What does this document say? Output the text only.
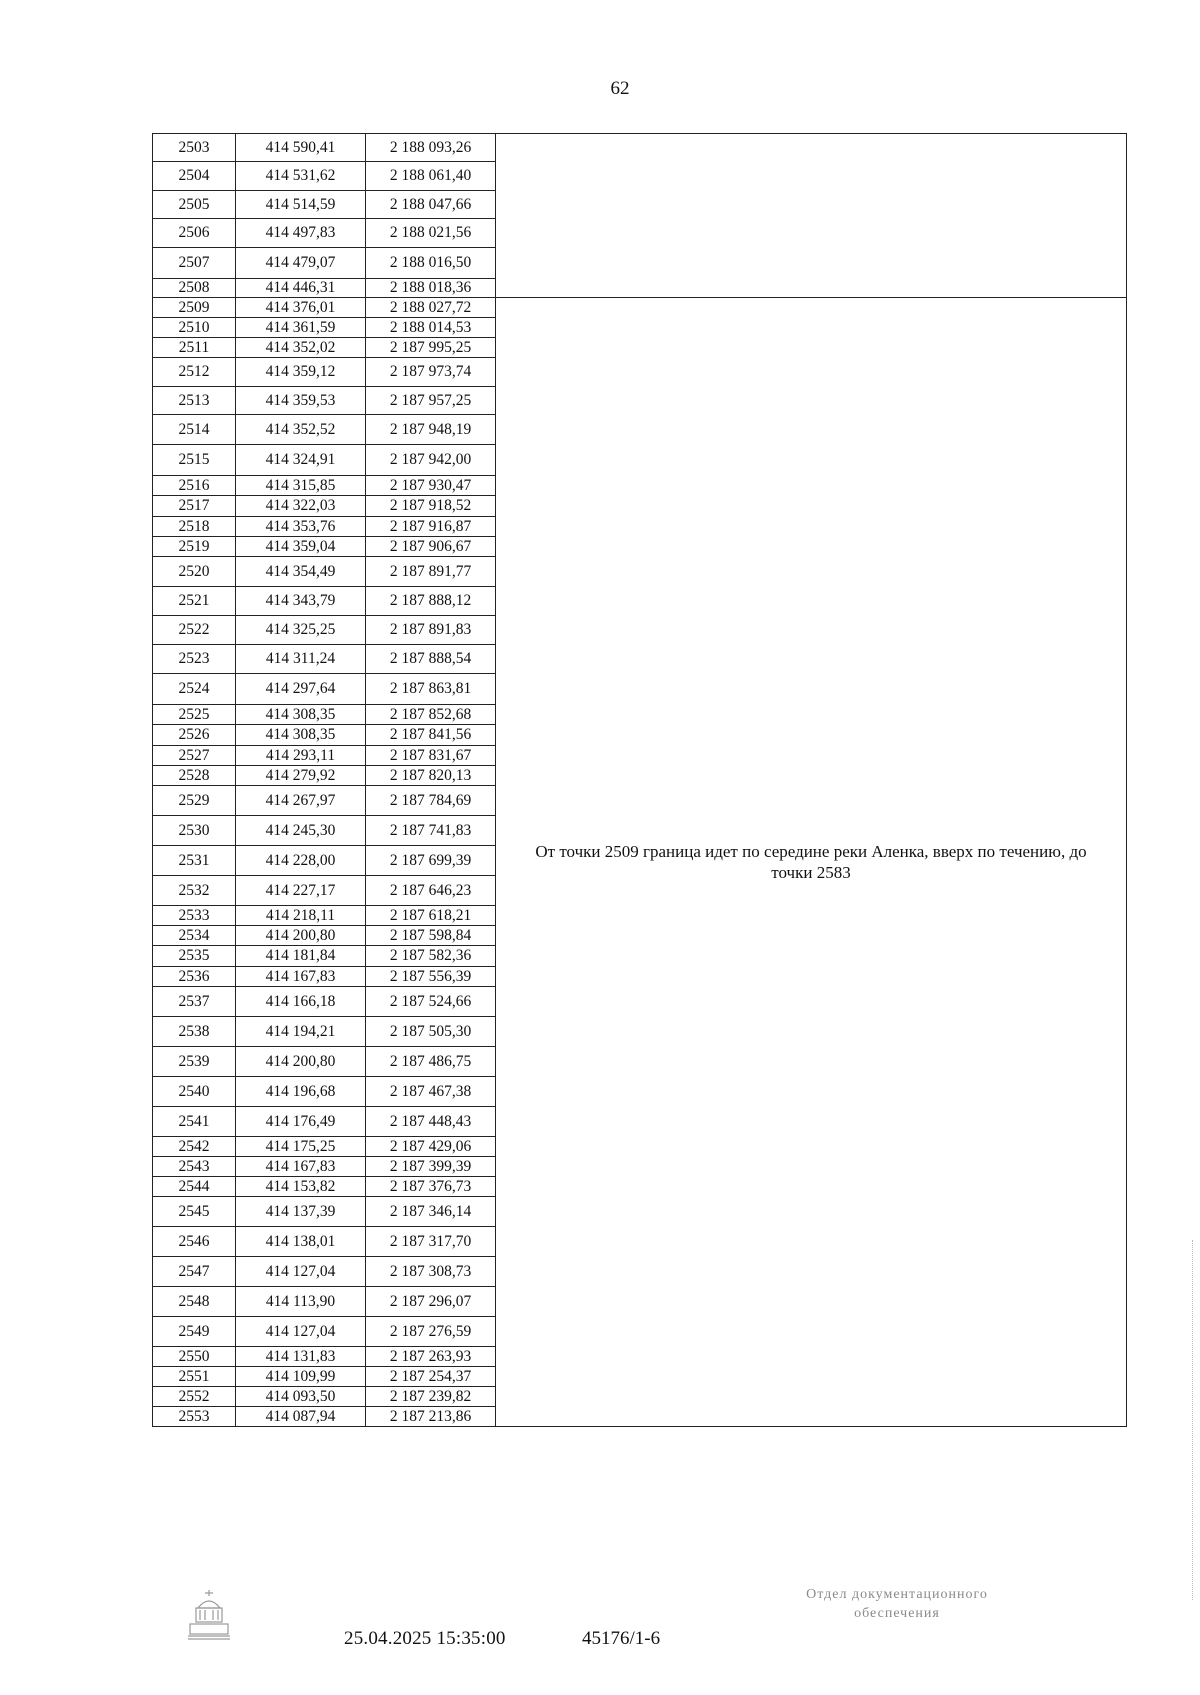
62
2503	414 590,41	2 188 093,26	
2504	414 531,62	2 188 061,40	
2505	414 514,59	2 188 047,66	
2506	414 497,83	2 188 021,56	
2507	414 479,07	2 188 016,50	
2508	414 446,31	2 188 018,36	
2509	414 376,01	2 188 027,72	От точки 2509 граница идет по середине реки Аленка, вверх по течению, до точки 2583
2510	414 361,59	2 188 014,53	
2511	414 352,02	2 187 995,25	
2512	414 359,12	2 187 973,74	
2513	414 359,53	2 187 957,25	
2514	414 352,52	2 187 948,19	
2515	414 324,91	2 187 942,00	
2516	414 315,85	2 187 930,47	
2517	414 322,03	2 187 918,52	
2518	414 353,76	2 187 916,87	
2519	414 359,04	2 187 906,67	
2520	414 354,49	2 187 891,77	
2521	414 343,79	2 187 888,12	
2522	414 325,25	2 187 891,83	
2523	414 311,24	2 187 888,54	
2524	414 297,64	2 187 863,81	
2525	414 308,35	2 187 852,68	
2526	414 308,35	2 187 841,56	
2527	414 293,11	2 187 831,67	
2528	414 279,92	2 187 820,13	
2529	414 267,97	2 187 784,69	
2530	414 245,30	2 187 741,83	
2531	414 228,00	2 187 699,39	
2532	414 227,17	2 187 646,23	
2533	414 218,11	2 187 618,21	
2534	414 200,80	2 187 598,84	
2535	414 181,84	2 187 582,36	
2536	414 167,83	2 187 556,39	
2537	414 166,18	2 187 524,66	
2538	414 194,21	2 187 505,30	
2539	414 200,80	2 187 486,75	
2540	414 196,68	2 187 467,38	
2541	414 176,49	2 187 448,43	
2542	414 175,25	2 187 429,06	
2543	414 167,83	2 187 399,39	
2544	414 153,82	2 187 376,73	
2545	414 137,39	2 187 346,14	
2546	414 138,01	2 187 317,70	
2547	414 127,04	2 187 308,73	
2548	414 113,90	2 187 296,07	
2549	414 127,04	2 187 276,59	
2550	414 131,83	2 187 263,93	
2551	414 109,99	2 187 254,37	
2552	414 093,50	2 187 239,82	
2553	414 087,94	2 187 213,86	
25.04.2025 15:35:00	45176/1-6
Отдел документационного
обеспечения
